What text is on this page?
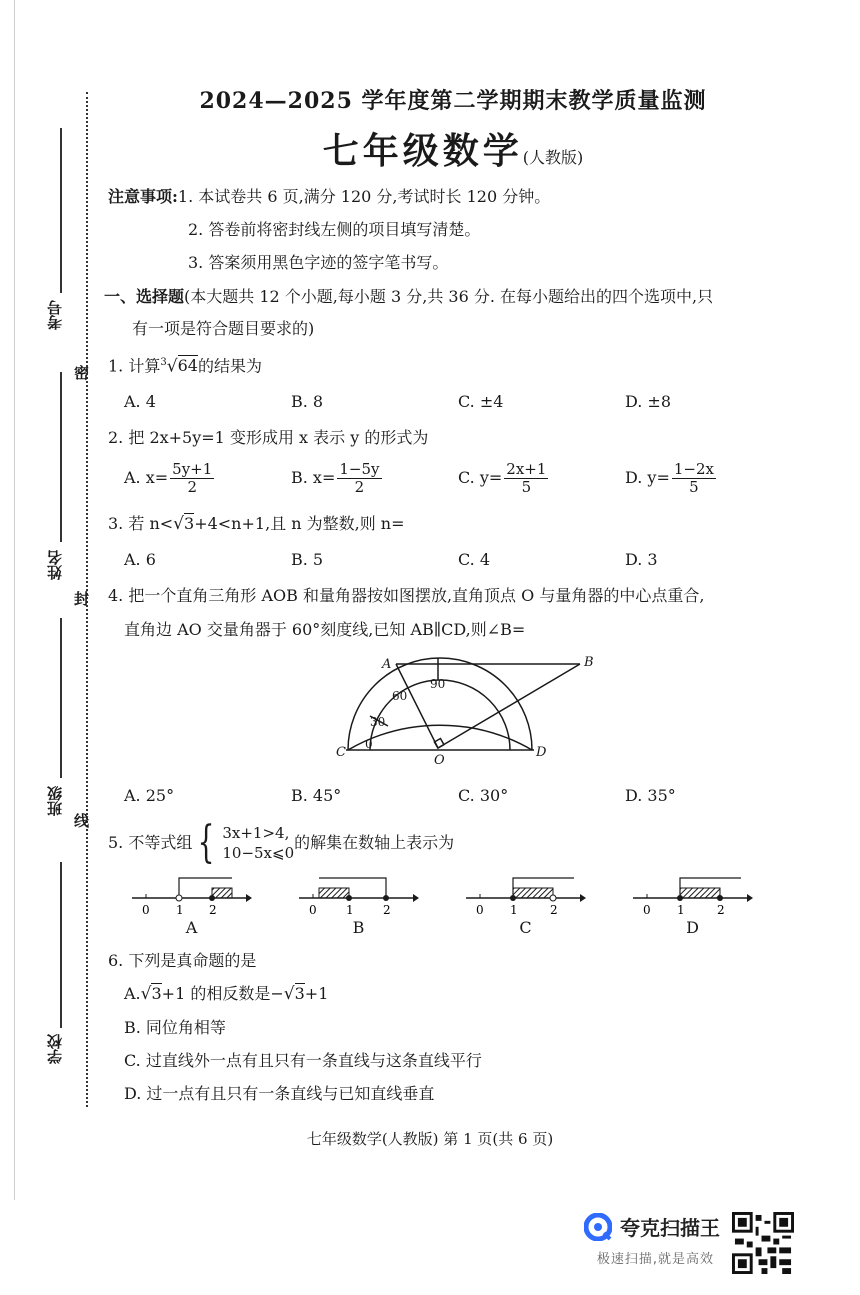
密
封
线
考号
姓名
班级
学校
2024—2025 学年度第二学期期末教学质量监测
七年级数学(人教版)
注意事项:1. 本试卷共 6 页,满分 120 分,考试时长 120 分钟。
2. 答卷前将密封线左侧的项目填写清楚。
3. 答案须用黑色字迹的签字笔书写。
一、选择题(本大题共 12 个小题,每小题 3 分,共 36 分. 在每小题给出的四个选项中,只
有一项是符合题目要求的)
1. 计算$^3$√64的结果为
A. 4	B. 8	C. ±4	D. ±8
2. 把 2x+5y=1 变形成用 x 表示 y 的形式为
A. $x= \frac{5y+1}{2}$	B. $x= \frac{1-5y}{2}$	C. $y= \frac{2x+1}{5}$	D. $y= \frac{1-2x}{5}$
3. 若 n<√3+4<n+1,且 n 为整数,则 n=
A. 6	B. 5	C. 4	D. 3
4. 把一个直角三角形 AOB 和量角器按如图摆放,直角顶点 O 与量角器的中心点重合,
直角边 AO 交量角器于 60°刻度线,已知 AB∥CD,则∠B=
A	B
C	D
O
0
30
60
90
A. 25°	B. 45°	C. 30°	D. 35°
5. 不等式组 { 3x+1>4,
10−5x⩽0
的解集在数轴上表示为
0 1 2
A
0 1 2
B
0 1	2
C
0 1	2
D
6. 下列是真命题的是
A.√3+1 的相反数是−√3+1
B. 同位角相等
C. 过直线外一点有且只有一条直线与这条直线平行
D. 过一点有且只有一条直线与已知直线垂直
七年级数学(人教版) 第 1 页(共 6 页)
夸克扫描王
极速扫描,就是高效
